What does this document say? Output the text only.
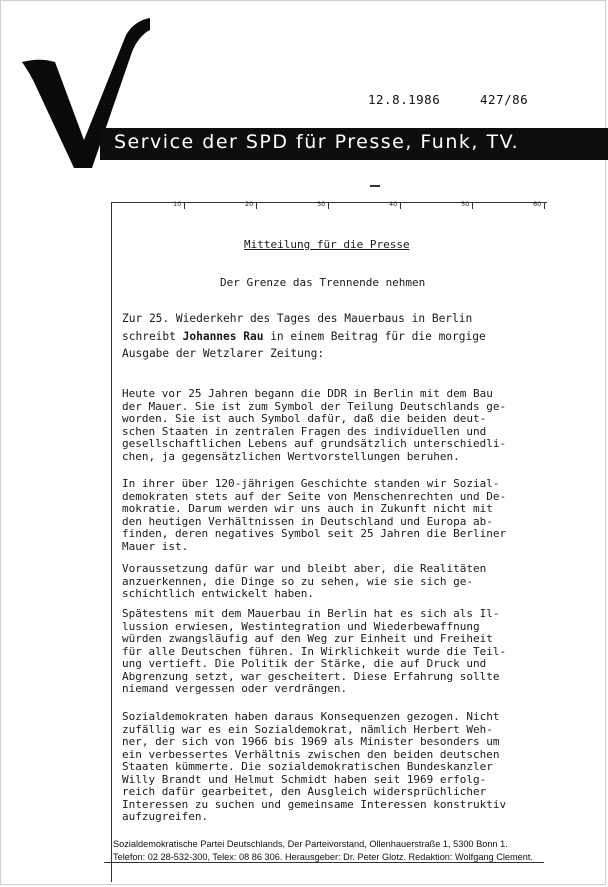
12.8.1986	427/86
Service der SPD für Presse, Funk, TV.
10	20	30	40	50	60
Mitteilung für die Presse
Der Grenze das Trennende nehmen
Zur 25. Wiederkehr des Tages des Mauerbaus in Berlin
schreibt Johannes Rau in einem Beitrag für die morgige
Ausgabe der Wetzlarer Zeitung:
Heute vor 25 Jahren begann die DDR in Berlin mit dem Bau
der Mauer. Sie ist zum Symbol der Teilung Deutschlands ge-
worden. Sie ist auch Symbol dafür, daß die beiden deut-
schen Staaten in zentralen Fragen des individuellen und
gesellschaftlichen Lebens auf grundsätzlich unterschiedli-
chen, ja gegensätzlichen Wertvorstellungen beruhen.
In ihrer über 120-jährigen Geschichte standen wir Sozial-
demokraten stets auf der Seite von Menschenrechten und De-
mokratie. Darum werden wir uns auch in Zukunft nicht mit
den heutigen Verhältnissen in Deutschland und Europa ab-
finden, deren negatives Symbol seit 25 Jahren die Berliner
Mauer ist.
Voraussetzung dafür war und bleibt aber, die Realitäten
anzuerkennen, die Dinge so zu sehen, wie sie sich ge-
schichtlich entwickelt haben.
Spätestens mit dem Mauerbau in Berlin hat es sich als Il-
lussion erwiesen, Westintegration und Wiederbewaffnung
würden zwangsläufig auf den Weg zur Einheit und Freiheit
für alle Deutschen führen. In Wirklichkeit wurde die Teil-
ung vertieft. Die Politik der Stärke, die auf Druck und
Abgrenzung setzt, war gescheitert. Diese Erfahrung sollte
niemand vergessen oder verdrängen.
Sozialdemokraten haben daraus Konsequenzen gezogen. Nicht
zufällig war es ein Sozialdemokrat, nämlich Herbert Weh-
ner, der sich von 1966 bis 1969 als Minister besonders um
ein verbessertes Verhältnis zwischen den beiden deutschen
Staaten kümmerte. Die sozialdemokratischen Bundeskanzler
Willy Brandt und Helmut Schmidt haben seit 1969 erfolg-
reich dafür gearbeitet, den Ausgleich widersprüchlicher
Interessen zu suchen und gemeinsame Interessen konstruktiv
aufzugreifen.
Sozialdemokratische Partei Deutschlands, Der Parteivorstand, Ollenhauerstraße 1, 5300 Bonn 1.
Telefon: 02 28-532-300, Telex: 08 86 306. Herausgeber: Dr. Peter Glotz. Redaktion: Wolfgang Clement.
